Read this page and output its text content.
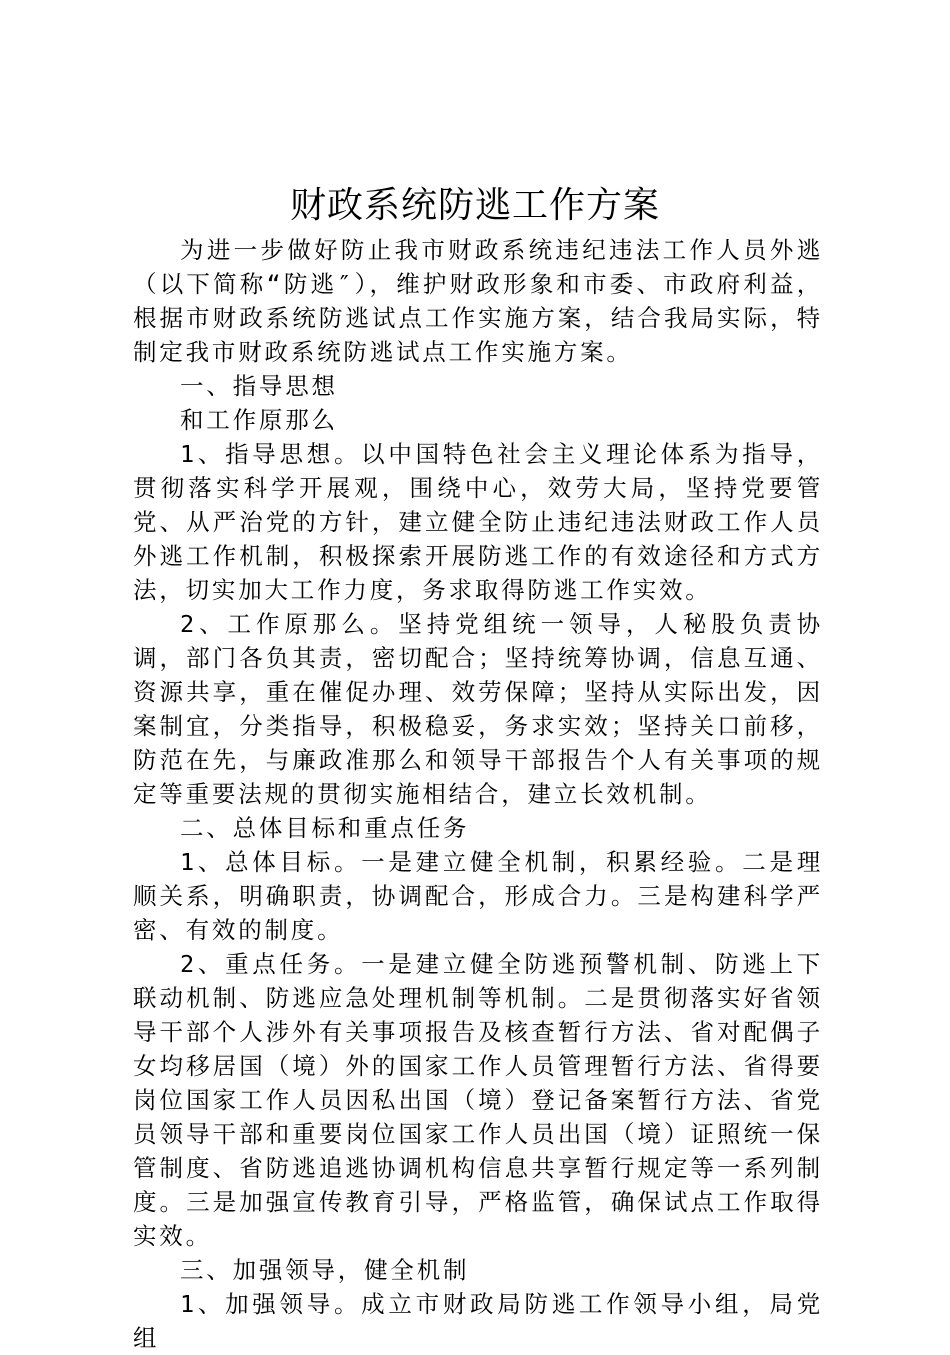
财政系统防逃工作方案

为进一步做好防止我市财政系统违纪违法工作人员外逃（以下简称“防逃″），维护财政形象和市委、市政府利益，根据市财政系统防逃试点工作实施方案，结合我局实际，特制定我市财政系统防逃试点工作实施方案。

一、指导思想

和工作原那么

1、指导思想。以中国特色社会主义理论体系为指导，贯彻落实科学开展观，围绕中心，效劳大局，坚持党要管党、从严治党的方针，建立健全防止违纪违法财政工作人员外逃工作机制，积极探索开展防逃工作的有效途径和方式方法，切实加大工作力度，务求取得防逃工作实效。

2、工作原那么。坚持党组统一领导，人秘股负责协调，部门各负其责，密切配合；坚持统筹协调，信息互通、资源共享，重在催促办理、效劳保障；坚持从实际出发，因案制宜，分类指导，积极稳妥，务求实效；坚持关口前移，防范在先，与廉政准那么和领导干部报告个人有关事项的规定等重要法规的贯彻实施相结合，建立长效机制。

二、总体目标和重点任务

1、总体目标。一是建立健全机制，积累经验。二是理顺关系，明确职责，协调配合，形成合力。三是构建科学严密、有效的制度。

2、重点任务。一是建立健全防逃预警机制、防逃上下联动机制、防逃应急处理机制等机制。二是贯彻落实好省领导干部个人涉外有关事项报告及核查暂行方法、省对配偶子女均移居国（境）外的国家工作人员管理暂行方法、省得要岗位国家工作人员因私出国（境）登记备案暂行方法、省党员领导干部和重要岗位国家工作人员出国（境）证照统一保管制度、省防逃追逃协调机构信息共享暂行规定等一系列制度。三是加强宣传教育引导，严格监管，确保试点工作取得实效。

三、加强领导，健全机制

1、加强领导。成立市财政局防逃工作领导小组，局党组
